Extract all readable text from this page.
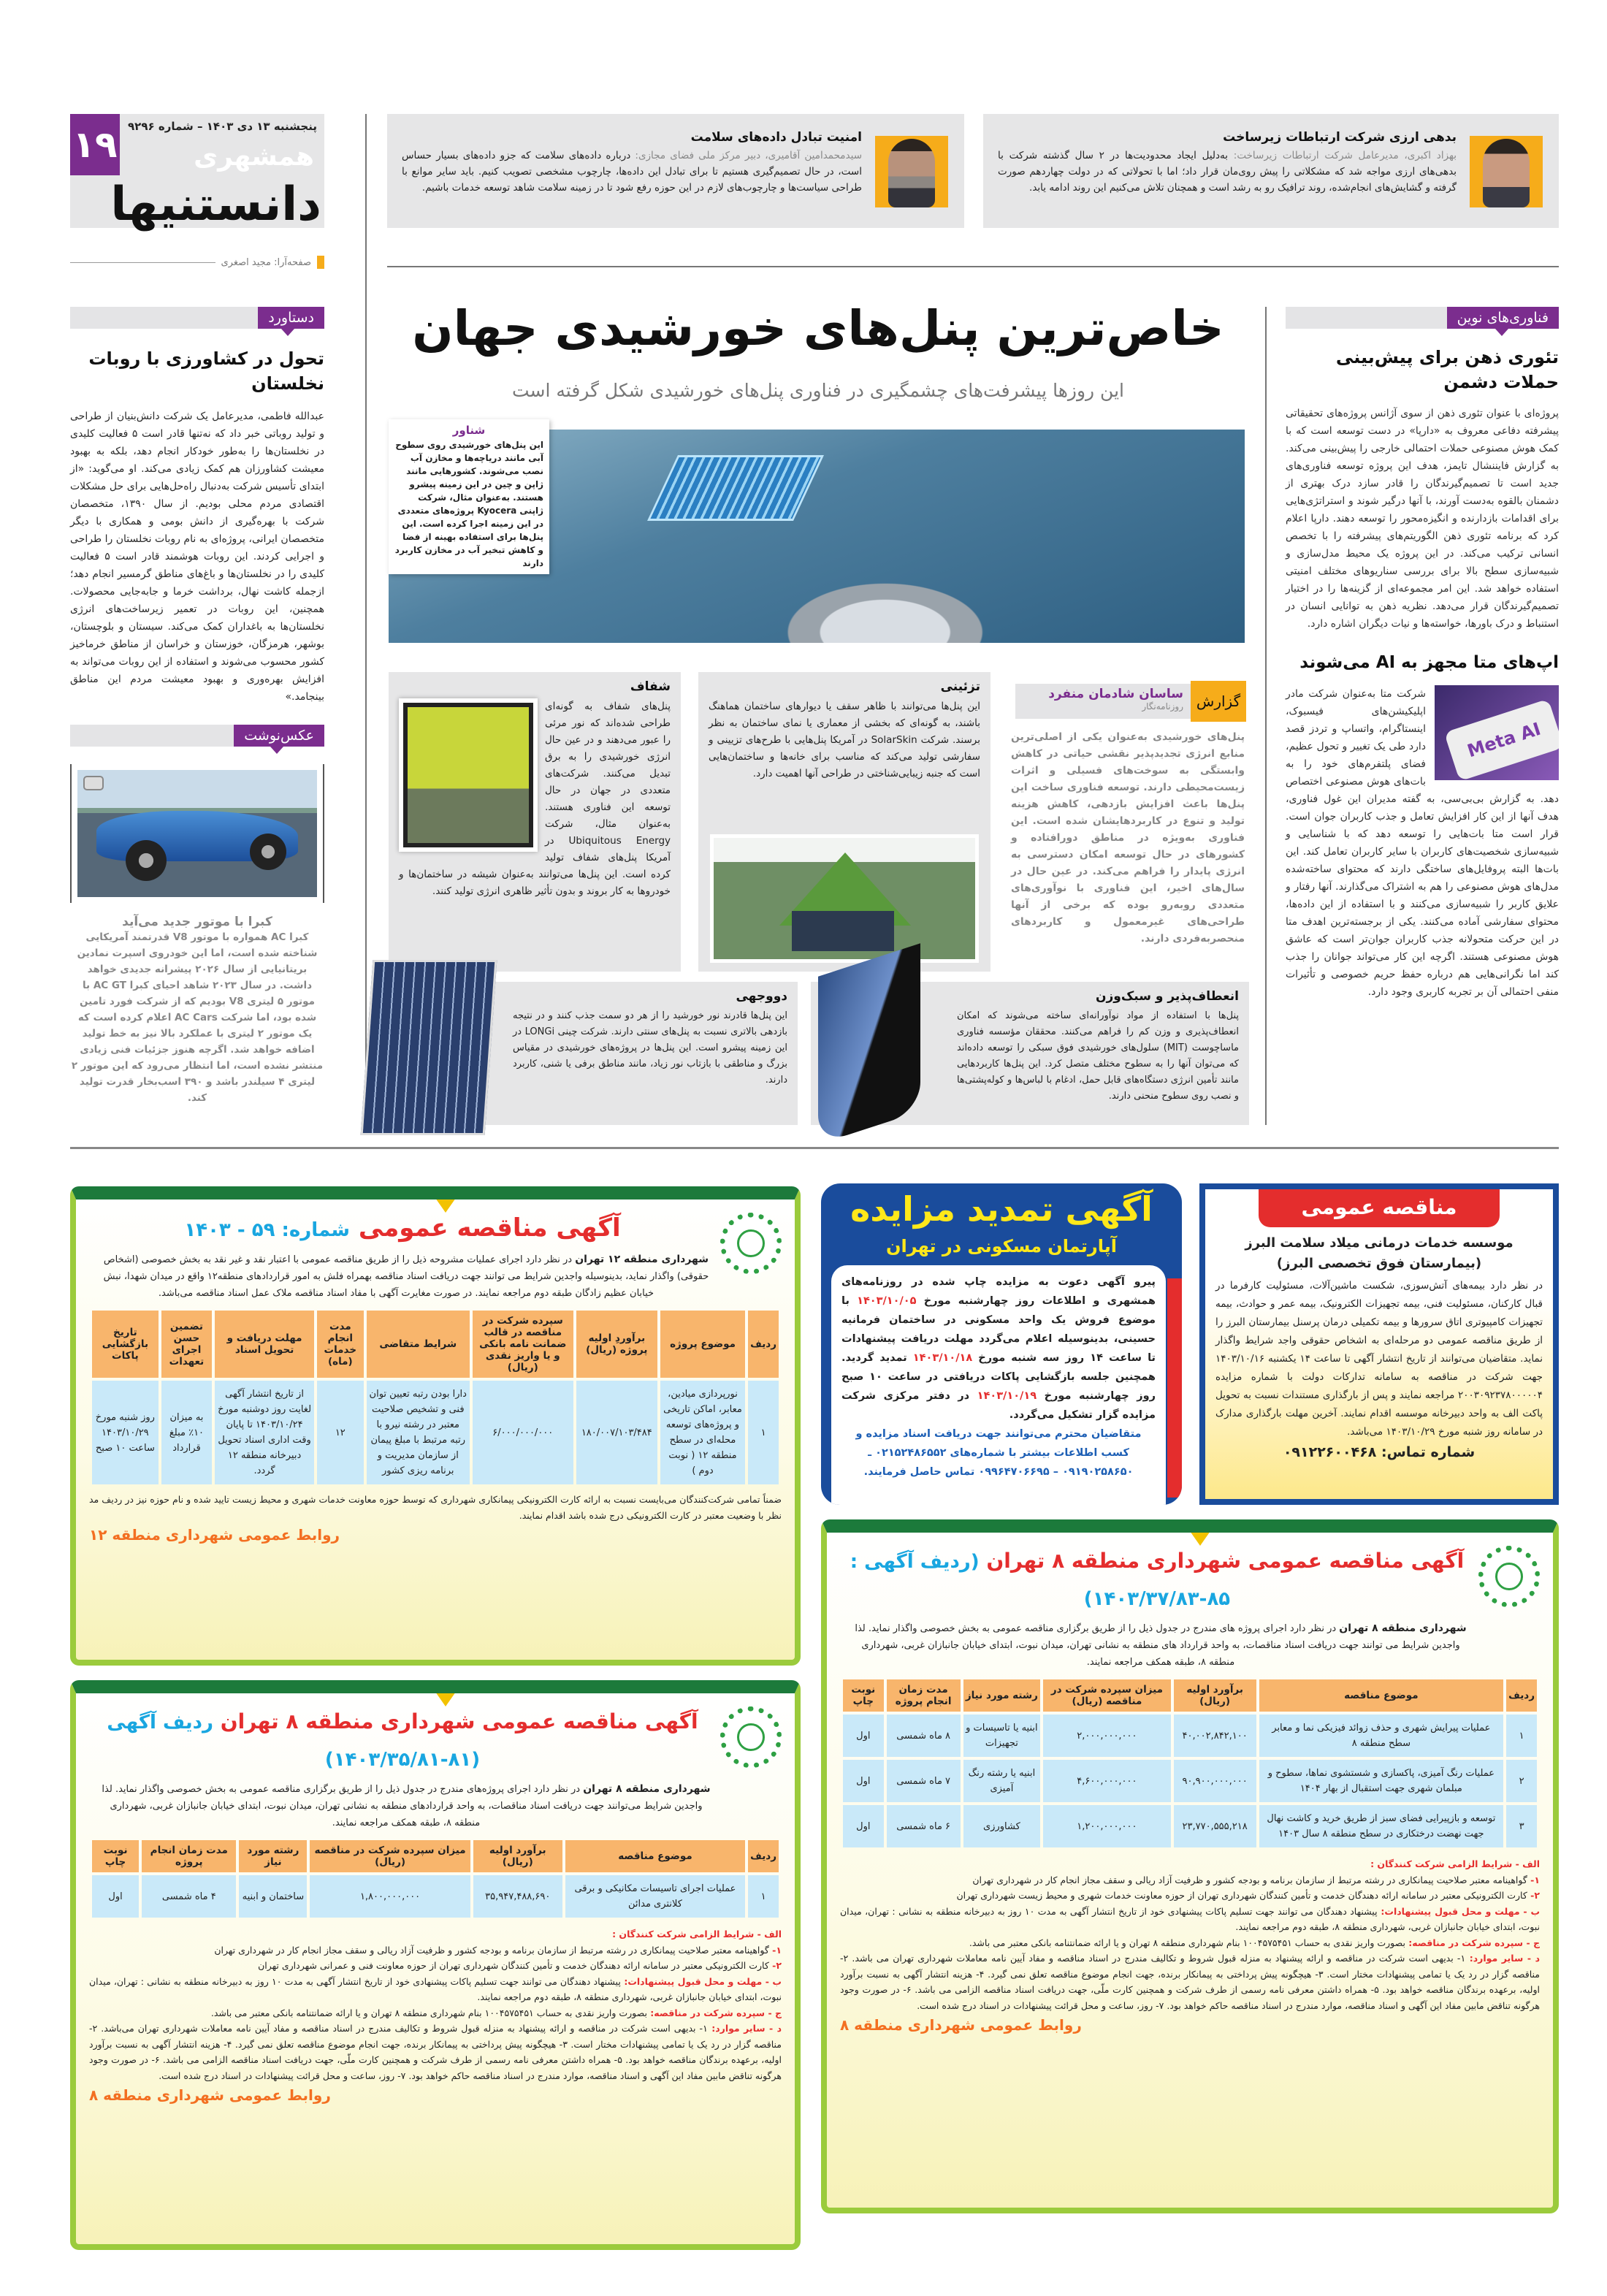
۱۹ پنجشنبه ۱۳ دی ۱۴۰۳ – شماره ۹۲۹۶
همشهری
دانستنیها
صفحه‌آرا: مجید اصغری
بدهی ارزی شرکت ارتباطات زیرساخت
بهزاد اکبری، مدیرعامل شرکت ارتباطات زیرساخت: به‌دلیل ایجاد محدودیت‌ها در ۲ سال گذشته شرکت با بدهی‌های ارزی مواجه شد که مشکلاتی را پیش روی‌مان قرار داد؛ اما با تحولاتی که در دولت چهاردهم صورت گرفته و گشایش‌های انجام‌شده، روند ترافیک رو به رشد است و همچنان تلاش می‌کنیم این روند ادامه یابد.
امنیت تبادل داده‌های سلامت
سیدمحمدامین آقامیری، دبیر مرکز ملی فضای مجازی: درباره داده‌های سلامت که جزو داده‌های بسیار حساس است، در حال تصمیم‌گیری هستیم تا برای تبادل این داده‌ها، چارچوب مشخصی تصویب کنیم. باید سایر موانع با طراحی سیاست‌ها و چارچوب‌های لازم در این حوزه رفع شود تا در زمینه سلامت شاهد توسعه خدمات باشیم.
دستاورد
تحول در کشاورزی با روبات نخلستان
عبدالله فاطمی، مدیرعامل یک شرکت دانش‌بنیان از طراحی و تولید روباتی خبر داد که نه‌تنها قادر است ۵ فعالیت کلیدی در نخلستان‌ها را به‌طور خودکار انجام دهد، بلکه به بهبود معیشت کشاورزان هم کمک زیادی می‌کند. او می‌گوید: «از ابتدای تأسیس شرکت به‌دنبال راه‌حل‌هایی برای حل مشکلات اقتصادی مردم محلی بودیم. از سال ۱۳۹۰، متخصصان شرکت با بهره‌گیری از دانش بومی و همکاری با دیگر متخصصان ایرانی، پروژه‌ای به نام روبات نخلستان را طراحی و اجرایی کردند. این روبات هوشمند قادر است ۵ فعالیت کلیدی را در نخلستان‌ها و باغ‌های مناطق گرمسیر انجام دهد؛ ازجمله کاشت نهال، برداشت خرما و جابه‌جایی محصولات. همچنین، این روبات در تعمیر زیرساخت‌های انرژی نخلستان‌ها به باغداران کمک می‌کند. سیستان و بلوچستان، بوشهر، هرمزگان، خوزستان و خراسان از مناطق خرماخیز کشور محسوب می‌شوند و استفاده از این روبات می‌تواند به افزایش بهره‌وری و بهبود معیشت مردم این مناطق بینجامد.»
عکس‌نوشت
کبرا با موتور جدید می‌آید
کبرا AC همواره با موتور V8 قدرتمند آمریکایی شناخته شده است، اما این خودروی اسپرت نمادین بریتانیایی از سال ۲۰۲۶ پیشرانه جدیدی خواهد داشت. در سال ۲۰۲۳ شاهد احیای کبرا AC GT با موتور ۵ لیتری V8 بودیم که از شرکت فورد تامین شده بود، اما شرکت AC Cars اعلام کرده است که یک موتور ۲ لیتری با عملکرد بالا نیز به خط تولید اضافه خواهد شد. اگرچه هنوز جزئیات فنی زیادی منتشر نشده است، اما انتظار می‌رود که این موتور ۲ لیتری ۴ سیلندر باشد و ۳۹۰ اسب‌بخار قدرت تولید کند.
خاص‌ترین پنل‌های خورشیدی جهان
این روزها پیشرفت‌های چشمگیری در فناوری پنل‌های خورشیدی شکل گرفته است
شناور
این پنل‌های خورشیدی روی سطوح آبی مانند دریاچه‌ها و مخازن آب نصب می‌شوند. کشورهایی مانند ژاپن و چین در این زمینه پیشرو هستند. به‌عنوان مثال، شرکت ژاپنی Kyocera پروژه‌های متعددی در این زمینه اجرا کرده است. این پنل‌ها برای استفاده بهینه از فضا و کاهش تبخیر آب در مخازن کاربرد دارند
گزارش
ساسان شادمان منفرد
روزنامه‌نگار
پنل‌های خورشیدی به‌عنوان یکی از اصلی‌ترین منابع انرژی تجدیدپذیر نقشی حیاتی در کاهش وابستگی به سوخت‌های فسیلی و اثرات زیست‌محیطی دارند. توسعه فناوری ساخت این پنل‌ها باعث افزایش بازدهی، کاهش هزینه تولید و تنوع در کاربردهایشان شده است. این فناوری به‌ویژه در مناطق دورافتاده و کشورهای در حال توسعه امکان دسترسی به انرژی پایدار را فراهم می‌کند. در عین حال در سال‌های اخیر، این فناوری با نوآوری‌های متعددی روبه‌رو بوده که برخی از آنها طراحی‌های غیرمعمول و کاربردهای منحصربه‌فردی دارند.
تزئینی
این پنل‌ها می‌توانند با ظاهر سقف یا دیوارهای ساختمان هماهنگ باشند، به گونه‌ای که بخشی از معماری یا نمای ساختمان به نظر برسند. شرکت SolarSkin در آمریکا پنل‌هایی با طرح‌های تزیینی و سفارشی تولید می‌کند که مناسب برای خانه‌ها و ساختمان‌هایی است که جنبه زیبایی‌شناختی در طراحی آنها اهمیت دارد.
شفاف
پنل‌های شفاف به گونه‌ای طراحی شده‌اند که نور مرئی را عبور می‌دهند و در عین حال انرژی خورشیدی را به برق تبدیل می‌کنند. شرکت‌های متعددی در جهان در حال توسعه این فناوری هستند. به‌عنوان مثال، شرکت Ubiquitous Energy در آمریکا پنل‌های شفاف تولید کرده است. این پنل‌ها می‌توانند به‌عنوان شیشه در ساختمان‌ها و خودروها به کار بروند و بدون تأثیر ظاهری انرژی تولید کنند.
انعطاف‌پذیر و سبک‌وزن
پنل‌ها با استفاده از مواد نوآورانه‌ای ساخته می‌شوند که امکان انعطاف‌پذیری و وزن کم را فراهم می‌کنند. محققان مؤسسه فناوری ماساچوست (MIT) سلول‌های خورشیدی فوق سبکی را توسعه داده‌اند که می‌توان آنها را به سطوح مختلف متصل کرد. این پنل‌ها کاربردهایی مانند تأمین انرژی دستگاه‌های قابل حمل، ادغام با لباس‌ها و کوله‌پشتی‌ها و نصب روی سطوح منحنی دارند.
دووجهی
این پنل‌ها قادرند نور خورشید را از هر دو سمت جذب کنند و در نتیجه بازدهی بالاتری نسبت به پنل‌های سنتی دارند. شرکت چینی LONGi در این زمینه پیشرو است. این پنل‌ها در پروژه‌های خورشیدی در مقیاس بزرگ و مناطقی با بازتاب نور زیاد، مانند مناطق برفی یا شنی، کاربرد دارند.
فناوری‌های نوین
تئوری ذهن برای پیش‌بینی حملات دشمن
پروژه‌ای با عنوان تئوری ذهن از سوی آژانس پروژه‌های تحقیقاتی پیشرفته دفاعی معروف به «دارپا» در دست توسعه است که با کمک هوش مصنوعی حملات احتمالی خارجی را پیش‌بینی می‌کند. به گزارش فایننشال تایمز، هدف این پروژه توسعه فناوری‌های جدید است تا تصمیم‌گیرندگان را قادر سازد درک بهتری از دشمنان بالقوه به‌دست آورند، با آنها درگیر شوند و استراتژی‌هایی برای اقدامات بازدارنده و انگیزه‌محور را توسعه دهند. دارپا اعلام کرد که برنامه تئوری ذهن الگوریتم‌های پیشرفته را با تخصص انسانی ترکیب می‌کند. در این پروژه یک محیط مدل‌سازی و شبیه‌سازی سطح بالا برای بررسی سناریوهای مختلف امنیتی استفاده خواهد شد. این امر مجموعه‌ای از گزینه‌ها را در اختیار تصمیم‌گیرندگان قرار می‌دهد. نظریه ذهن به توانایی انسان در استنباط و درک باورها، خواسته‌ها و نیات دیگران اشاره دارد.
اپ‌های متا مجهز به AI می‌شوند
Meta AI
شرکت متا به‌عنوان شرکت مادر اپلیکیشن‌های فیسبوک، اینستاگرام، واتساپ و تردز قصد دارد طی یک تغییر و تحول عظیم، فضای پلتفرم‌های خود را به بات‌های هوش مصنوعی اختصاص دهد. به گزارش بی‌بی‌سی، به گفته مدیران این غول فناوری، هدف آنها از این کار افزایش تعامل و جذب کاربران جوان است. قرار است متا بات‌هایی را توسعه دهد که با شناسایی و شبیه‌سازی شخصیت‌های کاربران با سایر کاربران تعامل کند. این بات‌ها البته پروفایل‌های ساختگی دارند که محتوای ساخته‌شده مدل‌های هوش مصنوعی را هم به اشتراک می‌گذارند. آنها رفتار و علایق کاربر را شبیه‌سازی می‌کنند و با استفاده از این داده‌ها، محتوای سفارشی آماده می‌کنند. یکی از برجسته‌ترین اهدف متا در این حرکت متحولانه جذب کاربران جوان‌تر است که عاشق هوش مصنوعی هستند. اگرچه این کار می‌تواند جوانان را جذب کند اما نگرانی‌هایی هم درباره حفظ حریم خصوصی و تأثیرات منفی احتمالی آن بر تجربه کاربری وجود دارد.
آگهی مناقصه عمومی شماره: ۵۹ - ۱۴۰۳
شهرداری منطقه ۱۲ تهران در نظر دارد اجرای عملیات مشروحه ذیل را از طریق مناقصه عمومی با اعتبار نقد و غیر نقد به بخش خصوصی (اشخاص حقوقی) واگذار نماید، بدینوسیله واجدین شرایط می توانند جهت دریافت اسناد مناقصه بهمراه فلش به امور قراردادهای منطقه۱۲ واقع در میدان شهدا، نبش خیابان عظیم زادگان طبقه دوم مراجعه نمایند. در صورت مغایرت آگهی با مفاد اسناد مناقصه ملاک عمل اسناد مناقصه می‌باشد.
ردیف	موضوع پروژه	برآوردِ اولیه پروژه (ریال)	سپرده شرکت در مناقصه در قالب ضمانت نامه بانکی و یا واریز نقدی (ریال)	شرایط متقاضی	مدت انجام خدمات (ماه)	مهلت دریافت و تحویل اسناد	تضمین حسن اجرای تعهدات	تاریخ بازگشایی پاکات
۱	نورپردازی میادین، معابر، اماکن تاریخی و پروژه‌های توسعه محله‌ای در سطح منطقه ۱۲ ( نوبت دوم )	۱۸۰/۰۰۷/۱۰۳/۴۸۴	۶/۰۰۰/۰۰۰/۰۰۰	دارا بودن رتبه تعیین توان فنی و تشخیص صلاحیت معتبر در رشته نیرو با رتبه مرتبط با مبلغ پیمان از سازمان مدیریت و برنامه ریزی کشور	۱۲	از تاریخ انتشار آگهی لغایت روز دوشنبه مورخ ۱۴۰۳/۱۰/۲۴ تا پایان وقت اداری اسناد تحویل دبیرخانه منطقه ۱۲ گردد.	به میزان ۱۰٪ مبلغ قرارداد	روز شنبه مورخ ۱۴۰۳/۱۰/۲۹ ساعت ۱۰ صبح
ضمناً تمامی شرکت‌کنندگان می‌بایست نسبت به ارائه کارت الکترونیکی پیمانکاری شهرداری که توسط حوزه معاونت خدمات شهری و محیط زیست تایید شده و نام حوزه نیز در ردیف مد نظر با وضعیت معتبر در کارت الکترونیکی درج شده باشد اقدام نمایند.
روابط عمومی شهرداری منطقه ۱۲
آگهی تمدید مزایده
آپارتمان مسکونی در تهران
پیرو آگهی دعوت به مزایده چاپ شده در روزنامه‌های همشهری و اطلاعات روز چهارشنبه مورخ ۱۴۰۳/۱۰/۰۵ با موضوع فروش یک واحد مسکونی در ساختمان فرمانیه حسینی، بدینوسیله اعلام می‌گردد مهلت دریافت پیشنهادات تا ساعت ۱۴ روز سه شنبه مورخ ۱۴۰۳/۱۰/۱۸ تمدید گردید. همچنین جلسه بازگشایی پاکات دریافتی در ساعت ۱۰ صبح روز چهارشنبه مورخ ۱۴۰۳/۱۰/۱۹ در دفتر مرکزی شرکت مزایده گزار تشکیل می‌گردد.
متقاضیان محترم می‌توانند جهت دریافت اسناد مزایده و کسب اطلاعات بیشتر با شماره‌های ۰۲۱۵۲۴۸۶۵۵۲ ـ ۰۹۱۹۰۲۵۸۶۵۰ – ۰۹۹۶۴۷۰۶۶۹۵ تماس حاصل فرمایند.
مناقصه عمومی
موسسه خدمات درمانی میلاد سلامت البرز
(بیمارستان فوق تخصصی البرز)
در نظر دارد بیمه‌های آتش‌سوزی، شکست ماشین‌آلات، مسئولیت کارفرما در قبال کارکنان، مسئولیت فنی، بیمه تجهیزات الکترونیک، بیمه عمر و حوادث، بیمه تجهیزات کامپیوتری اتاق سرورها و بیمه تکمیلی درمان پرسنل بیمارستان البرز را از طریق مناقصه عمومی دو مرحله‌ای به اشخاص حقوقی واجد شرایط واگذار نماید. متقاضیان می‌توانند از تاریخ انتشار آگهی تا ساعت ۱۴ یکشنبه ۱۴۰۳/۱۰/۱۶ جهت شرکت در مناقصه به سامانه تدارکات دولت با شماره مزایده ۲۰۰۳۰۹۲۳۷۸۰۰۰۰۰۴ مراجعه نمایند و پس از بارگذاری مستندات نسبت به تحویل پاکت الف به واحد دبیرخانه موسسه اقدام نمایند. آخرین مهلت بارگذاری مدارک در سامانه روز شنبه مورخ ۱۴۰۳/۱۰/۲۹ می‌باشد.
شماره تماس: ۰۹۱۲۲۶۰۰۴۶۸
آگهی مناقصه عمومی شهرداری منطقه ۸ تهران (ردیف آگهی : ۸۵-۱۴۰۳/۳۷/۸۳)
شهرداری منطقه ۸ تهران در نظر دارد اجرای پروژه های مندرج در جدول ذیل را از طریق برگزاری مناقصه عمومی به بخش خصوصی واگذار نماید. لذا واجدین شرایط می توانند جهت دریافت اسناد مناقصات، به واحد قرارداد های منطقه به نشانی تهران، میدان نبوت، ابتدای خیابان جانبازان غربی، شهرداری منطقه ۸، طبقه همکف مراجعه نمایند.
ردیف	موضوع مناقصه	برآورد اولیه (ریال)	میزان سپرده شرکت در مناقصه (ریال)	رشته مورد نیاز	مدت زمان انجام پروژه	نوبت چاپ
۱	عملیات پیرایش شهری و حذف زوائد فیزیکی نما و معابر سطح منطقه ۸	۴۰,۰۰۲,۸۴۲,۱۰۰	۲,۰۰۰,۰۰۰,۰۰۰	ابنیه یا تاسیسات و تجهیزات	۸ ماه شمسی	اول
۲	عملیات رنگ آمیزی، پاکسازی و شستشوی نماها، سطوح و مبلمان شهری جهت استقبال از بهار ۱۴۰۴	۹۰,۹۰۰,۰۰۰,۰۰۰	۴,۶۰۰,۰۰۰,۰۰۰	ابنیه یا رشته رنگ آمیزی	۷ ماه شمسی	اول
۳	توسعه و بازپیرایی فضای سبز از طریق خرید و کاشت نهال جهت نهضت درختکاری در سطح منطقه ۸ سال ۱۴۰۳	۲۳,۷۷۰,۵۵۵,۲۱۸	۱,۲۰۰,۰۰۰,۰۰۰	کشاورزی	۶ ماه شمسی	اول
الف - شرایط الزامی شرکت کنندگان :
۱- گواهینامه معتبر صلاحیت پیمانکاری در رشته مرتبط از سازمان برنامه و بودجه کشور و ظرفیت آزاد ریالی و سقف مجاز انجام کار در شهرداری تهران
۲- کارت الکترونیکی معتبر در سامانه ارائه دهندگان خدمت و تأمین کنندگان شهرداری تهران از حوزه معاونت خدمات شهری و محیط زیست شهرداری تهران
ب - مهلت و محل قبول پیشنهادات: پیشنهاد دهندگان می توانند جهت تسلیم پاکات پیشنهادی خود از تاریخ انتشار آگهی به مدت ۱۰ روز به دبیرخانه منطقه به نشانی : تهران، میدان نبوت، ابتدای خیابان جانبازان غربی، شهرداری منطقه ۸، طبقه دوم مراجعه نمایند.
ج - سپرده شرکت در مناقصه: بصورت واریز نقدی به حساب ۱۰۰۴۵۷۵۴۵۱ بنام شهرداری منطقه ۸ تهران و یا ارائه ضمانتنامه بانکی معتبر می باشد.
د - سایر موارد: ۱- بدیهی است شرکت در مناقصه و ارائه پیشنهاد به منزله قبول شروط و تکالیف مندرج در اسناد مناقصه و مفاد آیین نامه معاملات شهرداری تهران می باشد. ۲- مناقصه گزار در رد یک یا تمامی پیشنهادات مختار است. ۳- هیچگونه پیش پرداختی به پیمانکار برنده، جهت انجام موضوع مناقصه تعلق نمی گیرد. ۴- هزینه انتشار آگهی به نسبت برآورد اولیه، برعهده برندگان مناقصه خواهد بود. ۵- همراه داشتن معرفی نامه رسمی از طرف شرکت و همچنین کارت ملّی، جهت دریافت اسناد مناقصه الزامی می باشد. ۶- در صورت وجود هرگونه تناقض مابین مفاد این آگهی و اسناد مناقصه، موارد مندرج در اسناد مناقصه حاکم خواهد بود. ۷- روز، ساعت و محل قرائت پیشنهادات در اسناد درج شده است.
روابط عمومی شهرداری منطقه ۸
آگهی مناقصه عمومی شهرداری منطقه ۸ تهران ردیف آگهی (۸۱-۱۴۰۳/۳۵/۸۱)
شهرداری منطقه ۸ تهران در نظر دارد اجرای پروژه‌های مندرج در جدول ذیل را از طریق برگزاری مناقصه عمومی به بخش خصوصی واگذار نماید. لذا واجدین شرایط می‌توانند جهت دریافت اسناد مناقصات، به واحد قراردادهای منطقه به نشانی تهران، میدان نبوت، ابتدای خیابان جانبازان غربی، شهرداری منطقه ۸، طبقه همکف مراجعه نمایند.
ردیف	موضوع مناقصه	برآورد اولیه (ریال)	میزان سپرده شرکت در مناقصه (ریال)	رشته مورد نیاز	مدت زمان انجام پروژه	نوبت چاپ
۱	عملیات اجرای تاسیسات مکانیکی و برقی کلانتری مدائن	۳۵,۹۴۷,۴۸۸,۶۹۰	۱,۸۰۰,۰۰۰,۰۰۰	ساختمان و ابنیه	۴ ماه شمسی	اول
الف - شرایط الزامی شرکت کنندگان :
۱- گواهینامه معتبر صلاحیت پیمانکاری در رشته مرتبط از سازمان برنامه و بودجه کشور و ظرفیت آزاد ریالی و سقف مجاز انجام کار در شهرداری تهران
۲- کارت الکترونیکی معتبر در سامانه ارائه دهندگان خدمت و تأمین کنندگان شهرداری تهران از حوزه معاونت فنی و عمرانی شهرداری تهران
ب - مهلت و محل قبول پیشنهادات: پیشنهاد دهندگان می توانند جهت تسلیم پاکات پیشنهادی خود از تاریخ انتشار آگهی به مدت ۱۰ روز به دبیرخانه منطقه به نشانی : تهران، میدان نبوت، ابتدای خیابان جانبازان غربی، شهرداری منطقه ۸، طبقه دوم مراجعه نمایند.
ج - سپرده شرکت در مناقصه: بصورت واریز نقدی به حساب ۱۰۰۴۵۷۵۴۵۱ بنام شهرداری منطقه ۸ تهران و یا ارائه ضمانتنامه بانکی معتبر می باشد.
د - سایر موارد: ۱- بدیهی است شرکت در مناقصه و ارائه پیشنهاد به منزله قبول شروط و تکالیف مندرج در اسناد مناقصه و مفاد آیین نامه معاملات شهرداری تهران می‌باشد. ۲- مناقصه گزار در رد یک یا تمامی پیشنهادات مختار است. ۳- هیچگونه پیش پرداختی به پیمانکار برنده، جهت انجام موضوع مناقصه تعلق نمی گیرد. ۴- هزینه انتشار آگهی به نسبت برآورد اولیه، برعهده برندگان مناقصه خواهد بود. ۵- همراه داشتن معرفی نامه رسمی از طرف شرکت و همچنین کارت ملّی، جهت دریافت اسناد مناقصه الزامی می باشد. ۶- در صورت وجود هرگونه تناقض مابین مفاد این آگهی و اسناد مناقصه، موارد مندرج در اسناد مناقصه حاکم خواهد بود. ۷- روز، ساعت و محل قرائت پیشنهادات در اسناد درج شده است.
روابط عمومی شهرداری منطقه ۸
